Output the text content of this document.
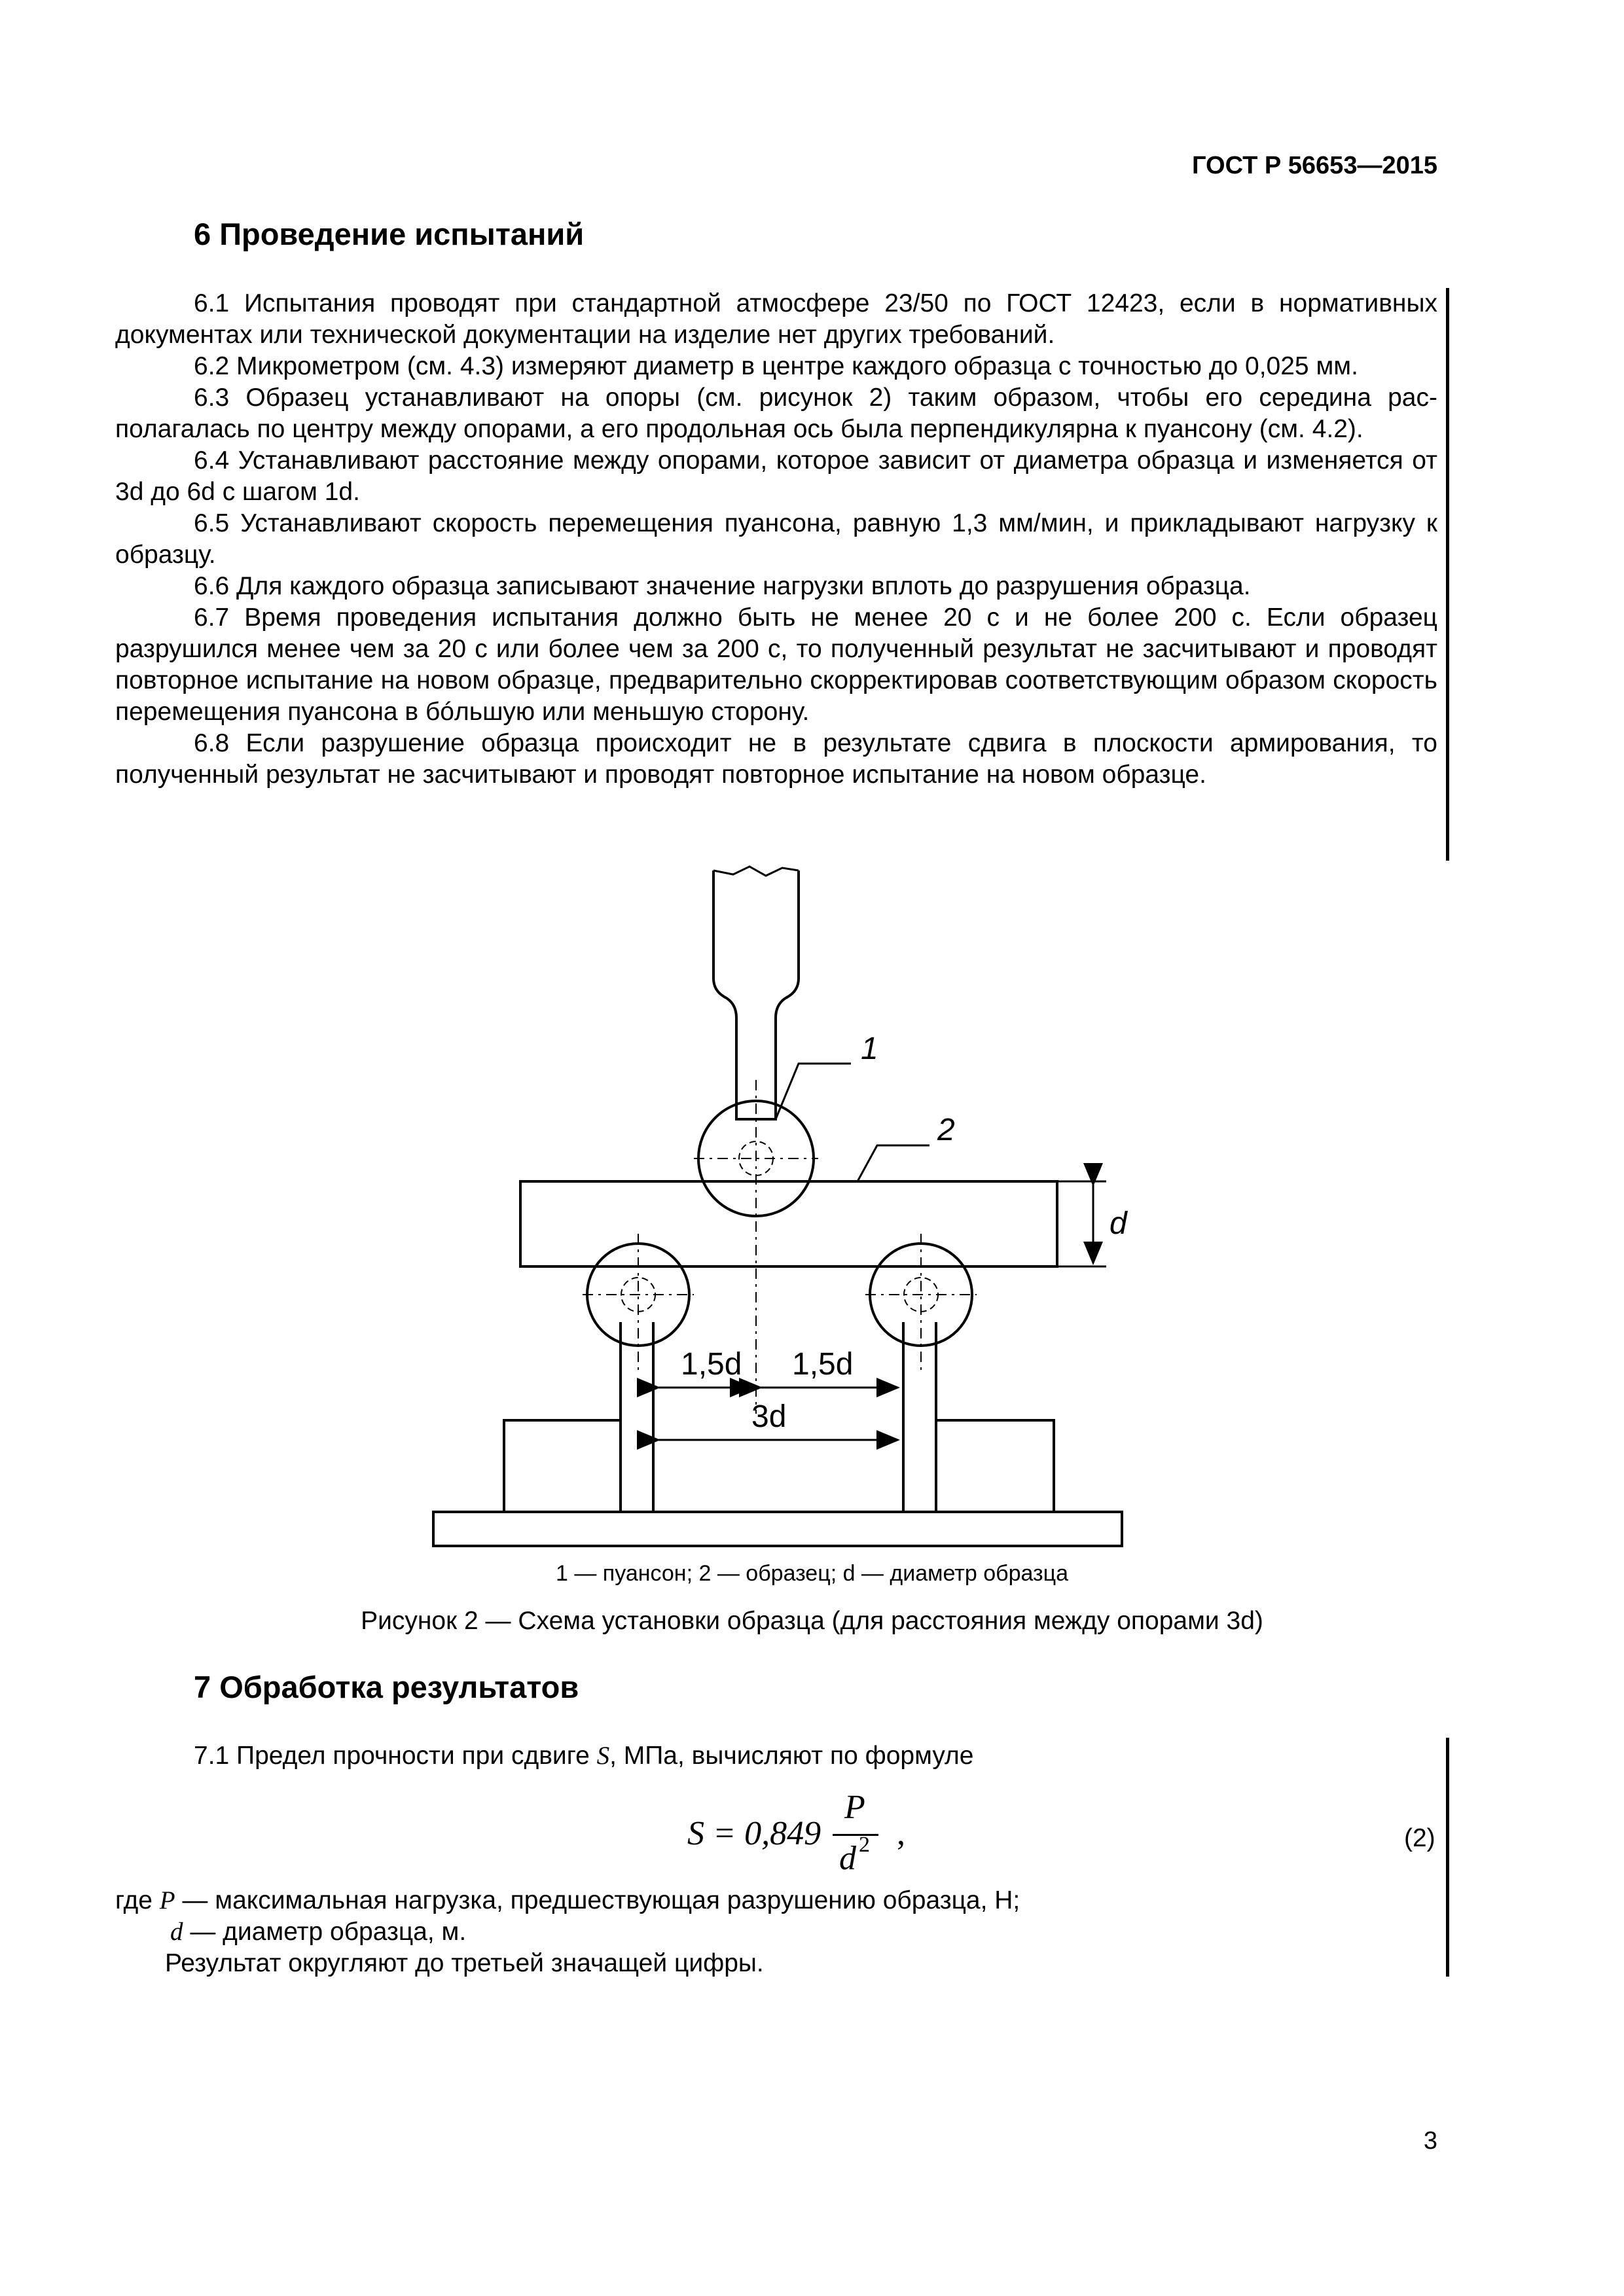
ГОСТ Р 56653—2015
6 Проведение испытаний

6.1 Испытания проводят при стандартной атмосфере 23/50 по ГОСТ 12423, если в нормативных документах или технической документации на изделие нет других требований.

6.2 Микрометром (см. 4.3) измеряют диаметр в центре каждого образца с точностью до 0,025 мм.

6.3 Образец устанавливают на опоры (см. рисунок 2) таким образом, чтобы его середина располагалась по центру между опорами, а его продольная ось была перпендикулярна к пуансону (см. 4.2).

6.4 Устанавливают расстояние между опорами, которое зависит от диаметра образца и изменяется от 3d до 6d с шагом 1d.

6.5 Устанавливают скорость перемещения пуансона, равную 1,3 мм/мин, и прикладывают нагрузку к образцу.

6.6 Для каждого образца записывают значение нагрузки вплоть до разрушения образца.

6.7 Время проведения испытания должно быть не менее 20 с и не более 200 с. Если образец разрушился менее чем за 20 с или более чем за 200 с, то полученный результат не засчитывают и проводят повторное испытание на новом образце, предварительно скорректировав соответствующим образом скорость перемещения пуансона в бóльшую или меньшую сторону.

6.8 Если разрушение образца происходит не в результате сдвига в плоскости армирования, то полученный результат не засчитывают и проводят повторное испытание на новом образце.

1
2
d
1,5d 1,5d
3d
1 — пуансон; 2 — образец; d — диаметр образца
Рисунок 2 — Схема установки образца (для расстояния между опорами 3d)
7 Обработка результатов
7.1 Предел прочности при сдвиге S, МПа, вычисляют по формуле
S = 0,849
P
d 2 ,	(2)
где P — максимальная нагрузка, предшествующая разрушению образца, Н;
d — диаметр образца, м.
Результат округляют до третьей значащей цифры.
3
